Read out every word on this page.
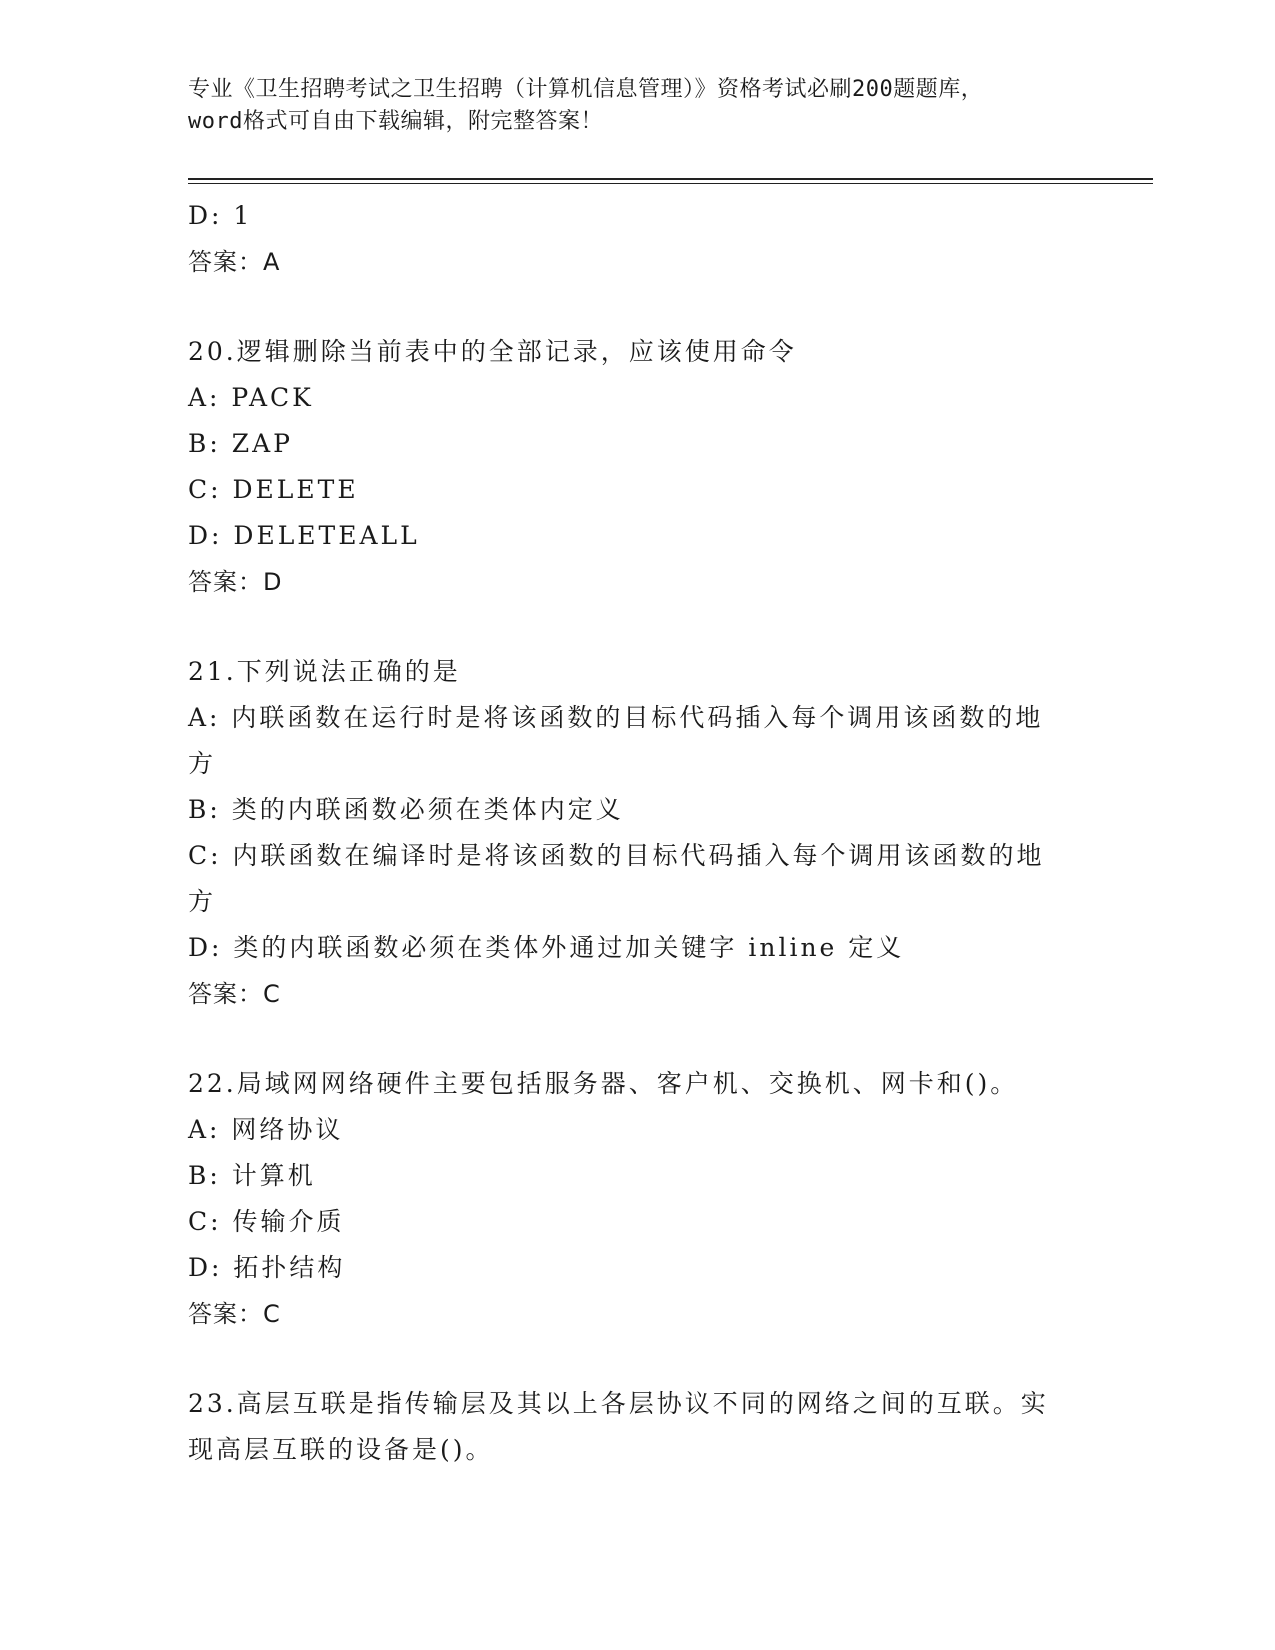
专业《卫生招聘考试之卫生招聘（计算机信息管理）》资格考试必刷200题题库，
word格式可自由下载编辑，附完整答案！
D: 1
答案：A
20.逻辑删除当前表中的全部记录，应该使用命令
A: PACK
B: ZAP
C: DELETE
D: DELETEALL
答案：D
21.下列说法正确的是
A: 内联函数在运行时是将该函数的目标代码插入每个调用该函数的地
方
B: 类的内联函数必须在类体内定义
C: 内联函数在编译时是将该函数的目标代码插入每个调用该函数的地
方
D: 类的内联函数必须在类体外通过加关键字 inline 定义
答案：C
22.局域网网络硬件主要包括服务器、客户机、交换机、网卡和()。
A: 网络协议
B: 计算机
C: 传输介质
D: 拓扑结构
答案：C
23.高层互联是指传输层及其以上各层协议不同的网络之间的互联。实
现高层互联的设备是()。
